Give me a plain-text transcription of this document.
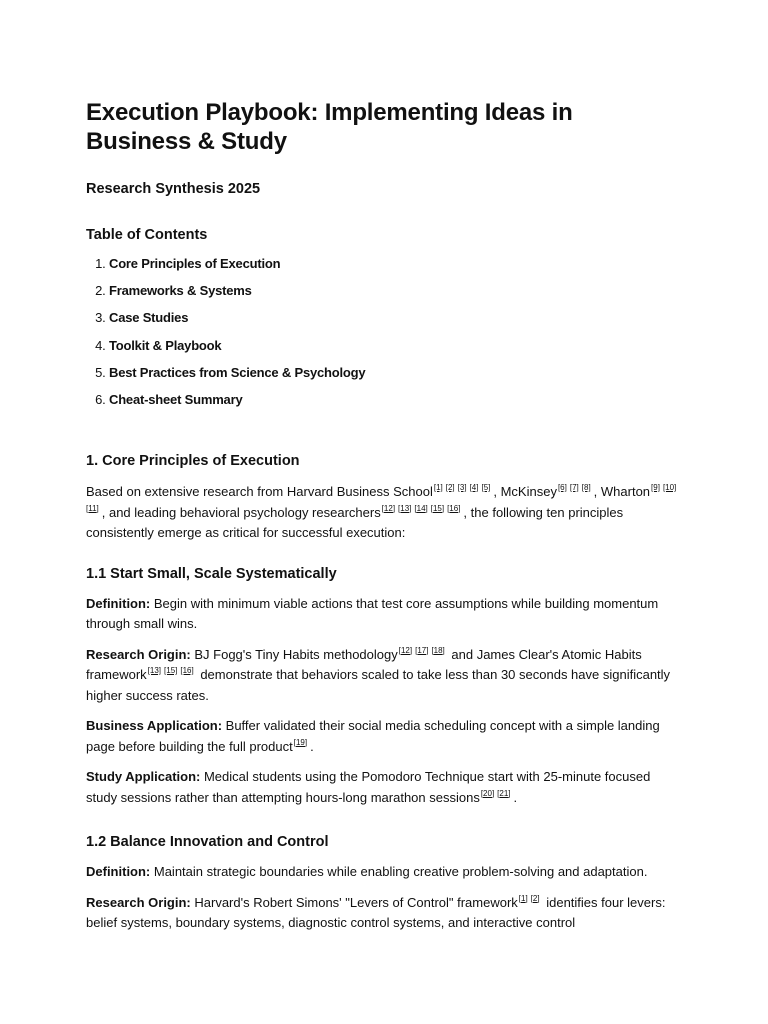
Execution Playbook: Implementing Ideas in Business & Study
Research Synthesis 2025
Table of Contents
1. Core Principles of Execution
2. Frameworks & Systems
3. Case Studies
4. Toolkit & Playbook
5. Best Practices from Science & Psychology
6. Cheat-sheet Summary
1. Core Principles of Execution

Based on extensive research from Harvard Business School[1] [2] [3] [4] [5] , McKinsey[6] [7] [8] , Wharton[9] [10][11] , and leading behavioral psychology researchers[12] [13] [14] [15] [16] , the following ten principles consistently emerge as critical for successful execution:

1.1 Start Small, Scale Systematically

Definition: Begin with minimum viable actions that test core assumptions while building momentum through small wins.

Research Origin: BJ Fogg's Tiny Habits methodology[12] [17] [18] and James Clear's Atomic Habits framework[13] [15] [16] demonstrate that behaviors scaled to take less than 30 seconds have significantly higher success rates.

Business Application: Buffer validated their social media scheduling concept with a simple landing page before building the full product[19] .

Study Application: Medical students using the Pomodoro Technique start with 25-minute focused study sessions rather than attempting hours-long marathon sessions[20] [21] .

1.2 Balance Innovation and Control

Definition: Maintain strategic boundaries while enabling creative problem-solving and adaptation.

Research Origin: Harvard's Robert Simons' "Levers of Control" framework[1] [2] identifies four levers: belief systems, boundary systems, diagnostic control systems, and interactive control
